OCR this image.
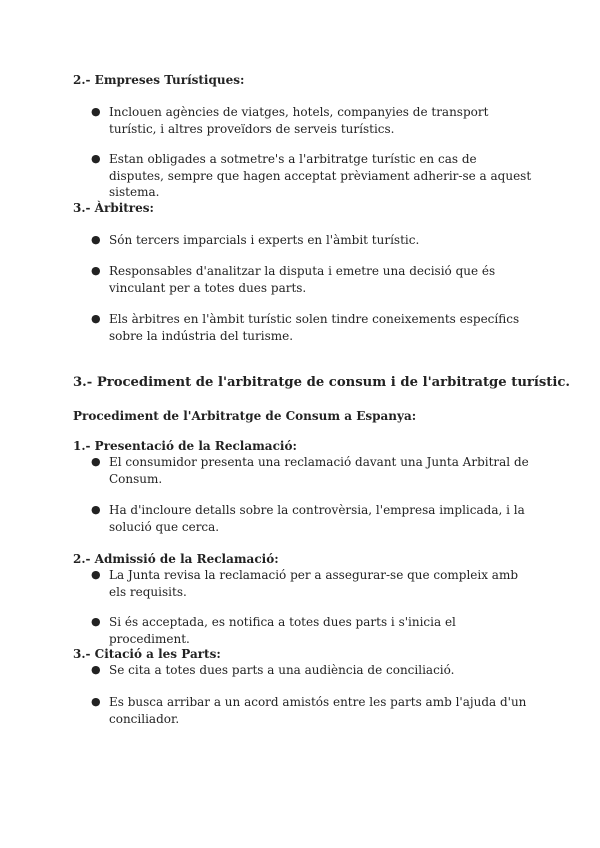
2.- Empreses Turístiques:
● Inclouen agències de viatges, hotels, companyies de transport turístic, i altres proveïdors de serveis turístics.
● Estan obligades a sotmetre's a l'arbitratge turístic en cas de disputes, sempre que hagen acceptat prèviament adherir-se a aquest sistema.
3.- Àrbitres:
● Són tercers imparcials i experts en l'àmbit turístic.
● Responsables d'analitzar la disputa i emetre una decisió que és vinculant per a totes dues parts.
● Els àrbitres en l'àmbit turístic solen tindre coneixements específics sobre la indústria del turisme.
3.- Procediment de l'arbitratge de consum i de l'arbitratge turístic.
Procediment de l'Arbitratge de Consum a Espanya:
1.- Presentació de la Reclamació:
● El consumidor presenta una reclamació davant una Junta Arbitral de Consum.
● Ha d'incloure detalls sobre la controvèrsia, l'empresa implicada, i la solució que cerca.
2.- Admissió de la Reclamació:
● La Junta revisa la reclamació per a assegurar-se que compleix amb els requisits.
● Si és acceptada, es notifica a totes dues parts i s'inicia el procediment.
3.- Citació a les Parts:
● Se cita a totes dues parts a una audiència de conciliació.
● Es busca arribar a un acord amistós entre les parts amb l'ajuda d'un conciliador.
